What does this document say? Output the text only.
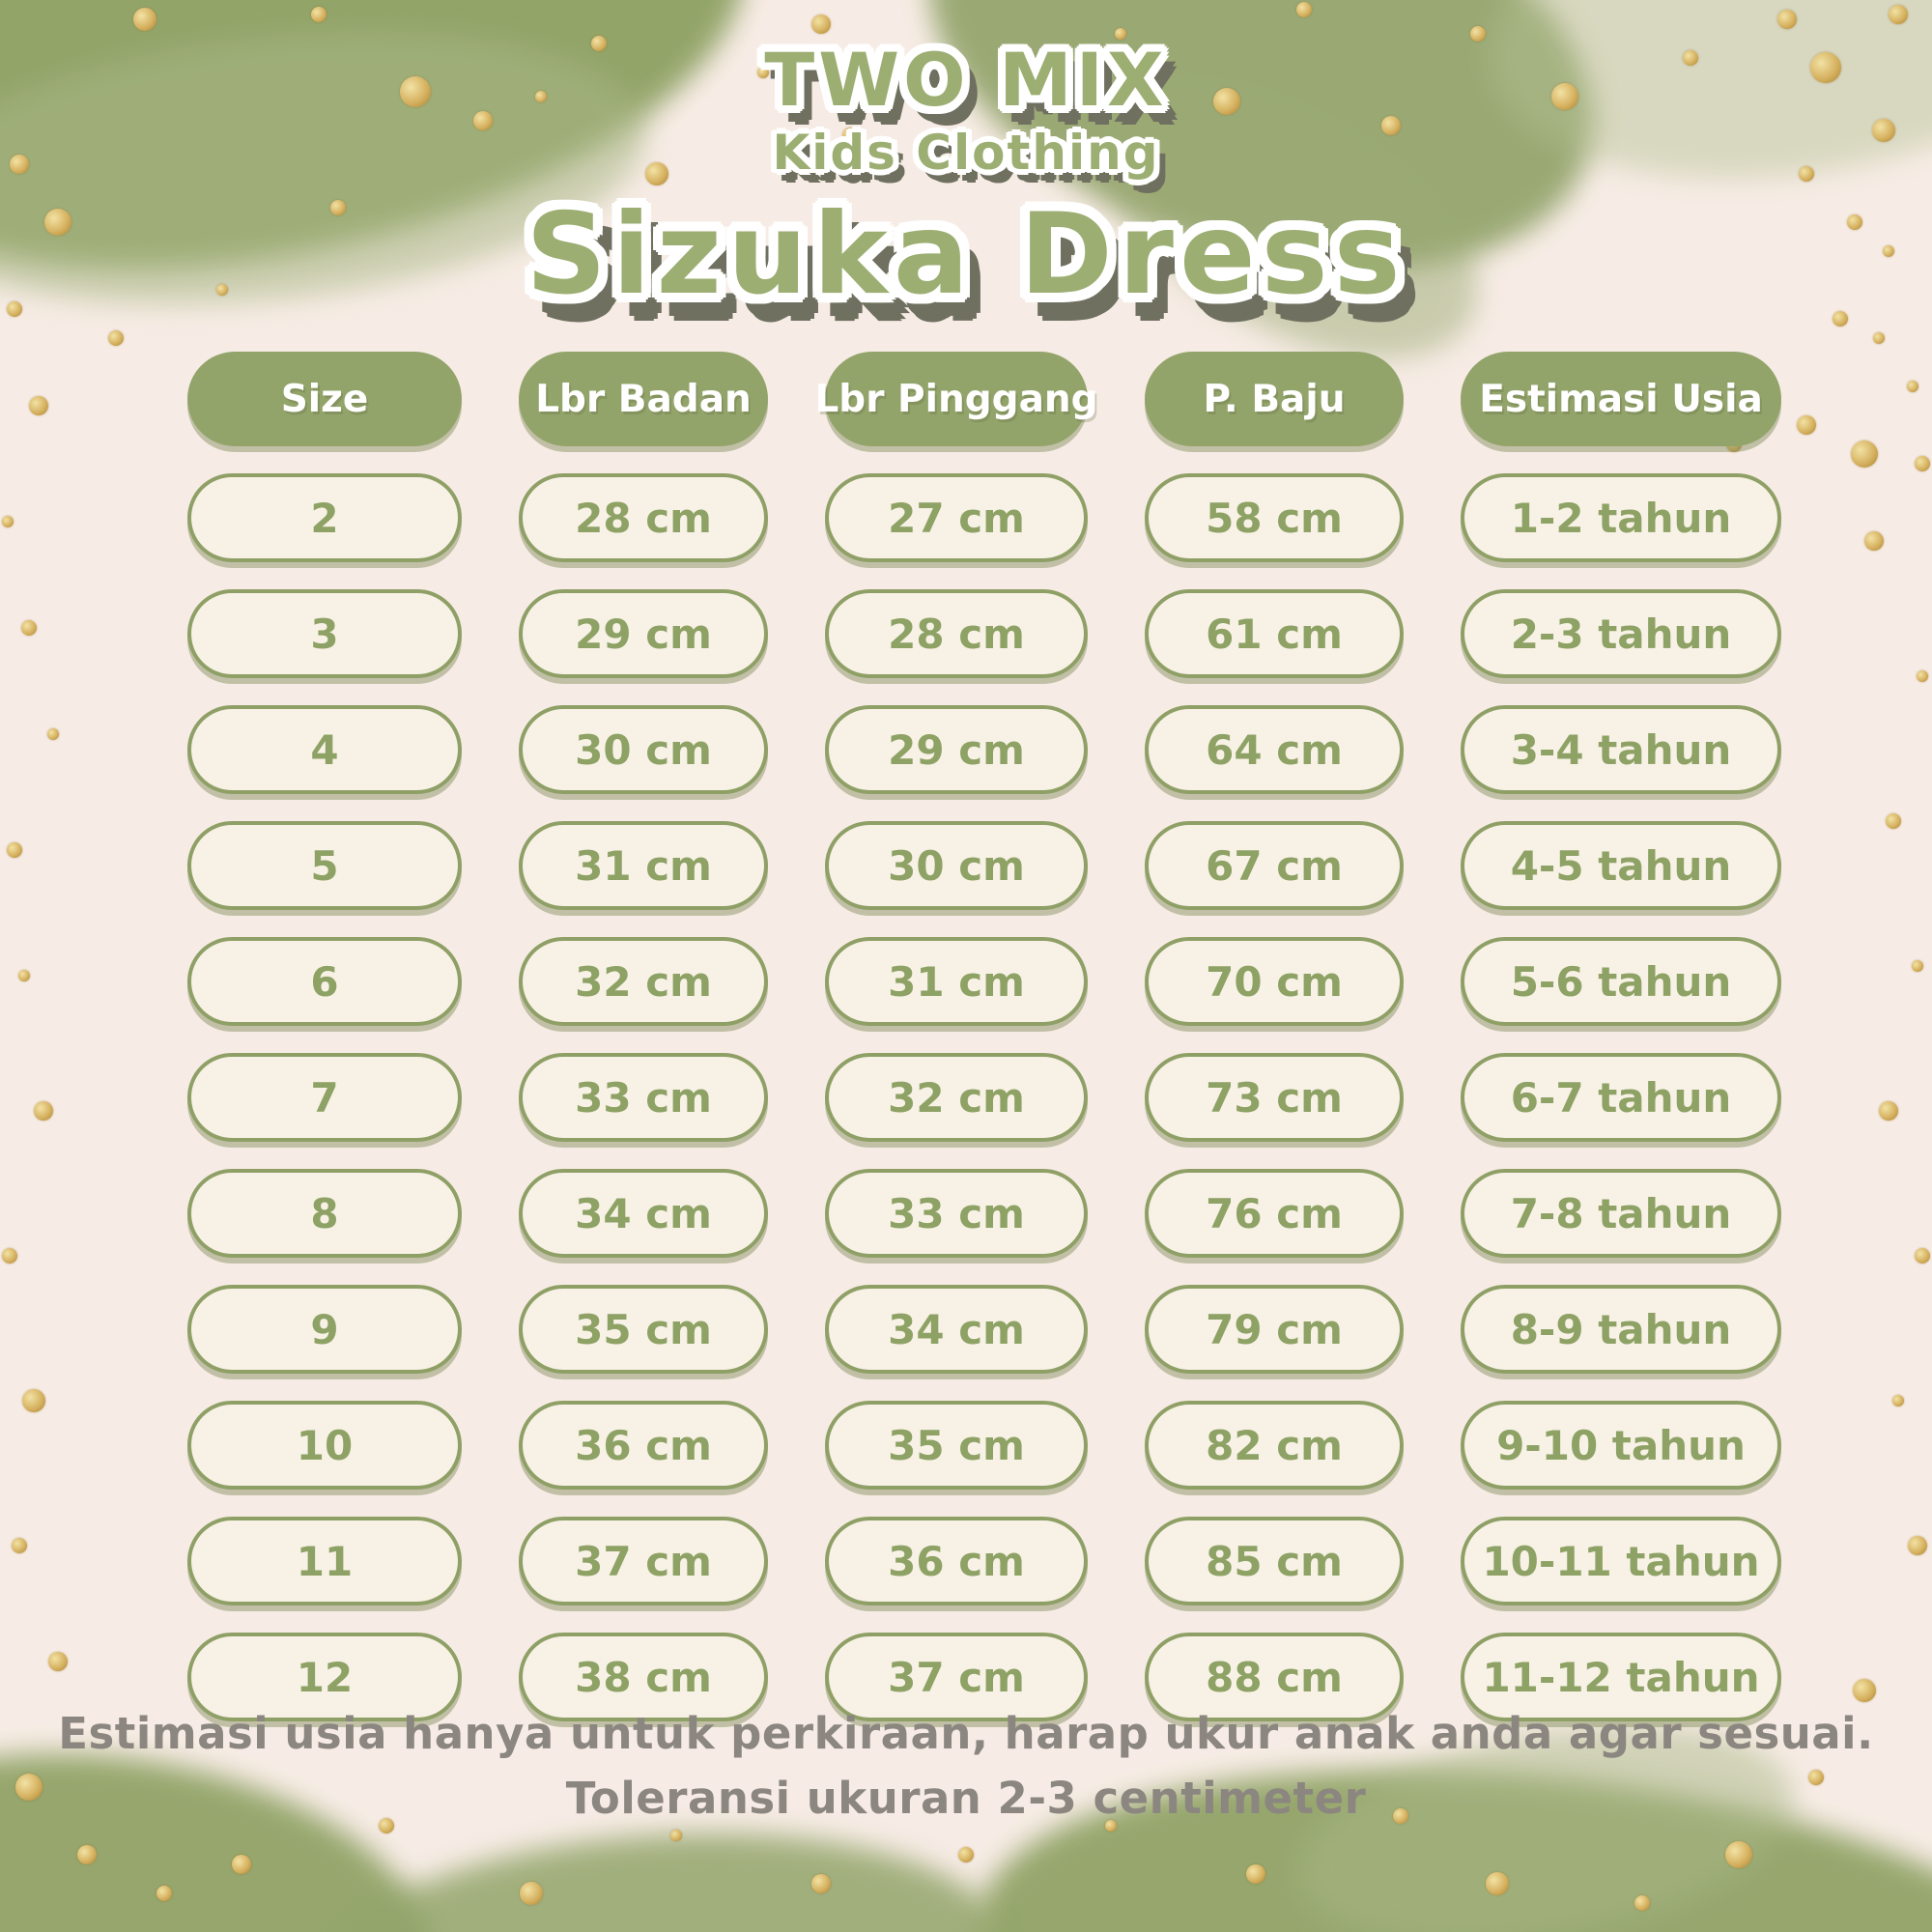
TWO MIX
Kids Clothing
Sizuka Dress
Size	Lbr Badan	Lbr Pinggang	P. Baju	Estimasi Usia
2	28 cm	27 cm	58 cm	1-2 tahun
3	29 cm	28 cm	61 cm	2-3 tahun
4	30 cm	29 cm	64 cm	3-4 tahun
5	31 cm	30 cm	67 cm	4-5 tahun
6	32 cm	31 cm	70 cm	5-6 tahun
7	33 cm	32 cm	73 cm	6-7 tahun
8	34 cm	33 cm	76 cm	7-8 tahun
9	35 cm	34 cm	79 cm	8-9 tahun
10	36 cm	35 cm	82 cm	9-10 tahun
11	37 cm	36 cm	85 cm	10-11 tahun
12	38 cm	37 cm	88 cm	11-12 tahun

Estimasi usia hanya untuk perkiraan, harap ukur anak anda agar sesuai.

Toleransi ukuran 2-3 centimeter
